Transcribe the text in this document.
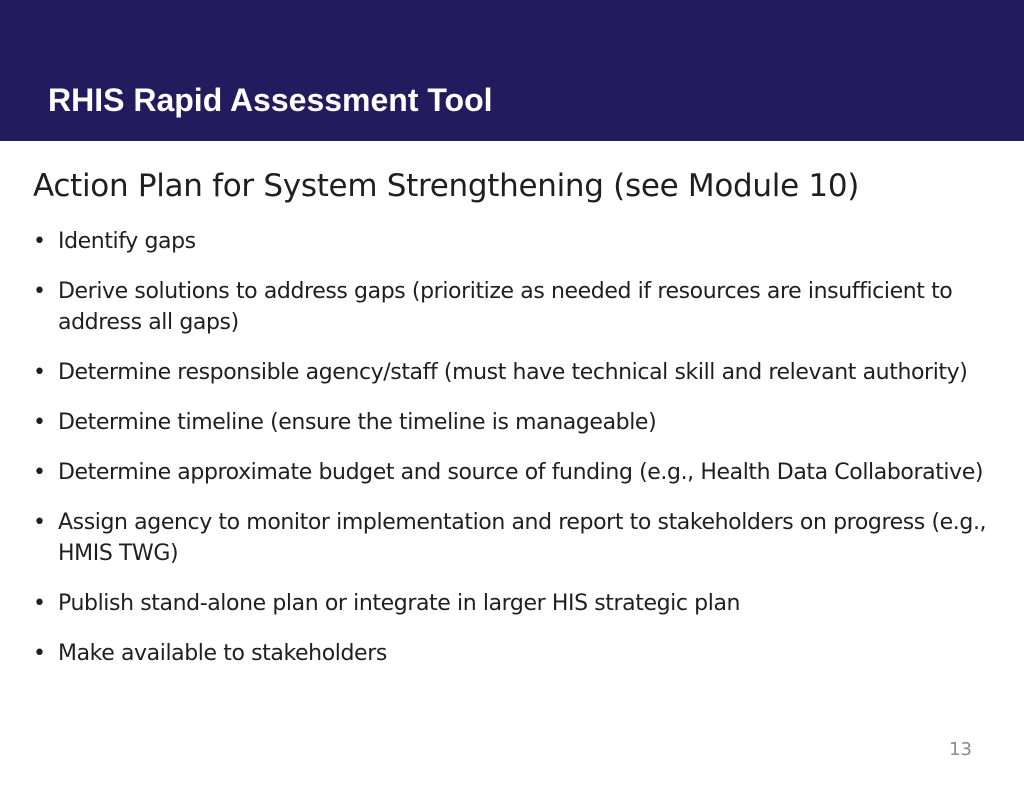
RHIS Rapid Assessment Tool
Action Plan for System Strengthening (see Module 10)
• Identify gaps
• Derive solutions to address gaps (prioritize as needed if resources are insufficient to address all gaps)
• Determine responsible agency/staff (must have technical skill and relevant authority)
• Determine timeline (ensure the timeline is manageable)
• Determine approximate budget and source of funding (e.g., Health Data Collaborative)
• Assign agency to monitor implementation and report to stakeholders on progress (e.g., HMIS TWG)
• Publish stand-alone plan or integrate in larger HIS strategic plan
• Make available to stakeholders
13
